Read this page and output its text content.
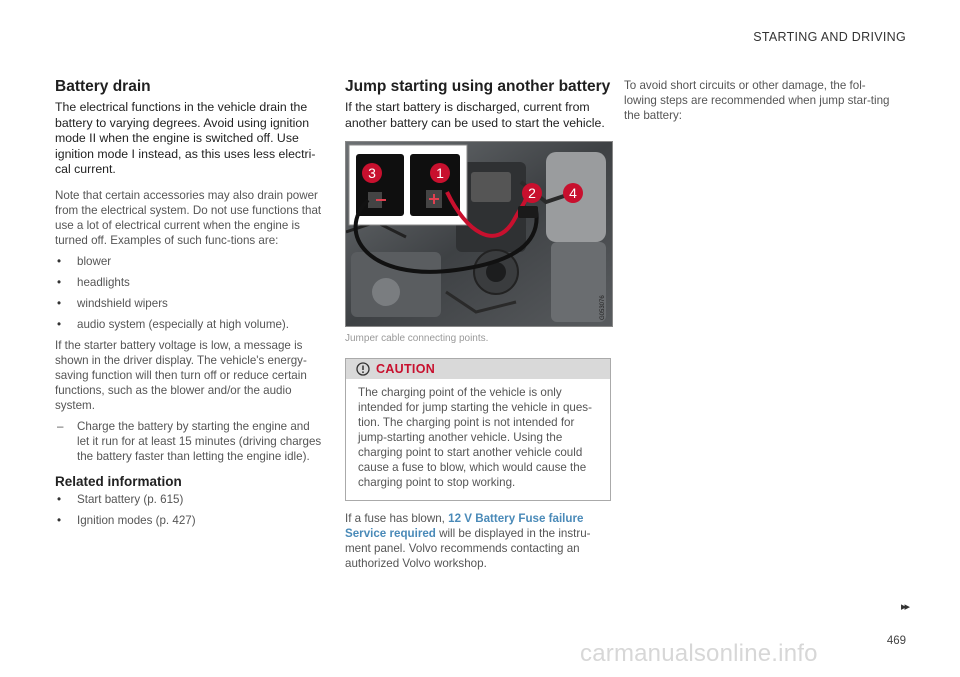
STARTING AND DRIVING
Battery drain

The electrical functions in the vehicle drain the battery to varying degrees. Avoid using ignition mode II when the engine is switched off. Use ignition mode I instead, as this uses less electri-cal current.

Note that certain accessories may also drain power from the electrical system. Do not use functions that use a lot of electrical current when the engine is turned off. Examples of such func-tions are:

• blower
• headlights
• windshield wipers
• audio system (especially at high volume).

If the starter battery voltage is low, a message is shown in the driver display. The vehicle's energy-saving function will then turn off or reduce certain functions, such as the blower and/or the audio system.

– Charge the battery by starting the engine and let it run for at least 15 minutes (driving charges the battery faster than letting the engine idle).
Related information
• Start battery (p. 615)
• Ignition modes (p. 427)
Jump starting using another battery

If the start battery is discharged, current from another battery can be used to start the vehicle.

3	1
2 4
G053076
Jumper cable connecting points.
CAUTION
The charging point of the vehicle is only intended for jump starting the vehicle in ques-tion. The charging point is not intended for jump-starting another vehicle. Using the charging point to start another vehicle could cause a fuse to blow, which would cause the charging point to stop working.
If a fuse has blown, 12 V Battery Fuse failure Service required will be displayed in the instru-ment panel. Volvo recommends contacting an authorized Volvo workshop.

To avoid short circuits or other damage, the fol-lowing steps are recommended when jump star-ting the battery:

▸▸
469
carmanualsonline.info
